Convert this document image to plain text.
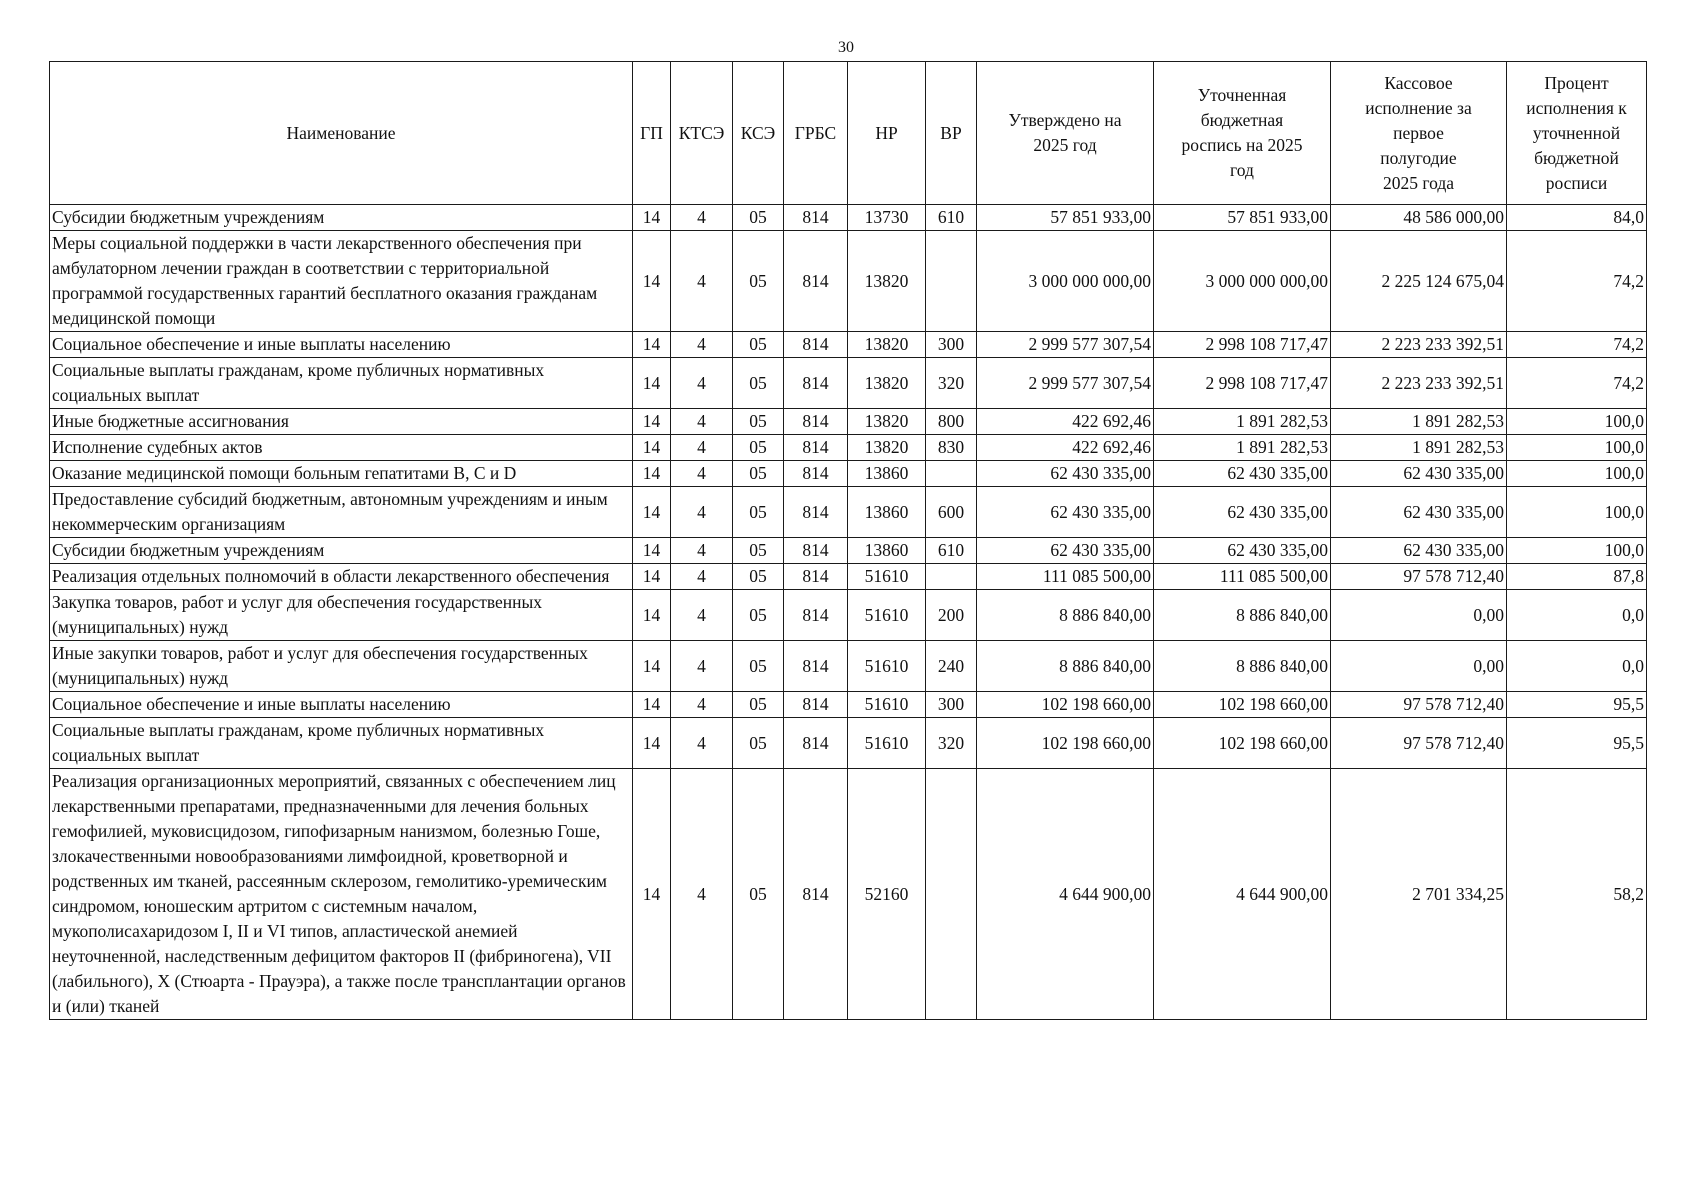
30
Наименование	ГП	КТСЭ	КСЭ	ГРБС	НР	ВР	Утверждено на 2025 год	Уточненная бюджетная роспись на 2025 год	Кассовое исполнение за первое полугодие 2025 года	Процент исполнения к уточненной бюджетной росписи
Субсидии бюджетным учреждениям	14	4	05	814	13730	610	57 851 933,00	57 851 933,00	48 586 000,00	84,0
Меры социальной поддержки в части лекарственного обеспечения при амбулаторном лечении граждан в соответствии с территориальной программой государственных гарантий бесплатного оказания гражданам медицинской помощи	14	4	05	814	13820		3 000 000 000,00	3 000 000 000,00	2 225 124 675,04	74,2
Социальное обеспечение и иные выплаты населению	14	4	05	814	13820	300	2 999 577 307,54	2 998 108 717,47	2 223 233 392,51	74,2
Социальные выплаты гражданам, кроме публичных нормативных социальных выплат	14	4	05	814	13820	320	2 999 577 307,54	2 998 108 717,47	2 223 233 392,51	74,2
Иные бюджетные ассигнования	14	4	05	814	13820	800	422 692,46	1 891 282,53	1 891 282,53	100,0
Исполнение судебных актов	14	4	05	814	13820	830	422 692,46	1 891 282,53	1 891 282,53	100,0
Оказание медицинской помощи больным гепатитами B, C и D	14	4	05	814	13860		62 430 335,00	62 430 335,00	62 430 335,00	100,0
Предоставление субсидий бюджетным, автономным учреждениям и иным некоммерческим организациям	14	4	05	814	13860	600	62 430 335,00	62 430 335,00	62 430 335,00	100,0
Субсидии бюджетным учреждениям	14	4	05	814	13860	610	62 430 335,00	62 430 335,00	62 430 335,00	100,0
Реализация отдельных полномочий в области лекарственного обеспечения	14	4	05	814	51610		111 085 500,00	111 085 500,00	97 578 712,40	87,8
Закупка товаров, работ и услуг для обеспечения государственных (муниципальных) нужд	14	4	05	814	51610	200	8 886 840,00	8 886 840,00	0,00	0,0
Иные закупки товаров, работ и услуг для обеспечения государственных (муниципальных) нужд	14	4	05	814	51610	240	8 886 840,00	8 886 840,00	0,00	0,0
Социальное обеспечение и иные выплаты населению	14	4	05	814	51610	300	102 198 660,00	102 198 660,00	97 578 712,40	95,5
Социальные выплаты гражданам, кроме публичных нормативных социальных выплат	14	4	05	814	51610	320	102 198 660,00	102 198 660,00	97 578 712,40	95,5
Реализация организационных мероприятий, связанных с обеспечением лиц лекарственными препаратами, предназначенными для лечения больных гемофилией, муковисцидозом, гипофизарным нанизмом, болезнью Гоше, злокачественными новообразованиями лимфоидной, кроветворной и родственных им тканей, рассеянным склерозом, гемолитико-уремическим синдромом, юношеским артритом с системным началом, мукополисахаридозом I, II и VI типов, апластической анемией неуточненной, наследственным дефицитом факторов II (фибриногена), VII (лабильного), X (Стюарта - Прауэра), а также после трансплантации органов и (или) тканей	14	4	05	814	52160		4 644 900,00	4 644 900,00	2 701 334,25	58,2
